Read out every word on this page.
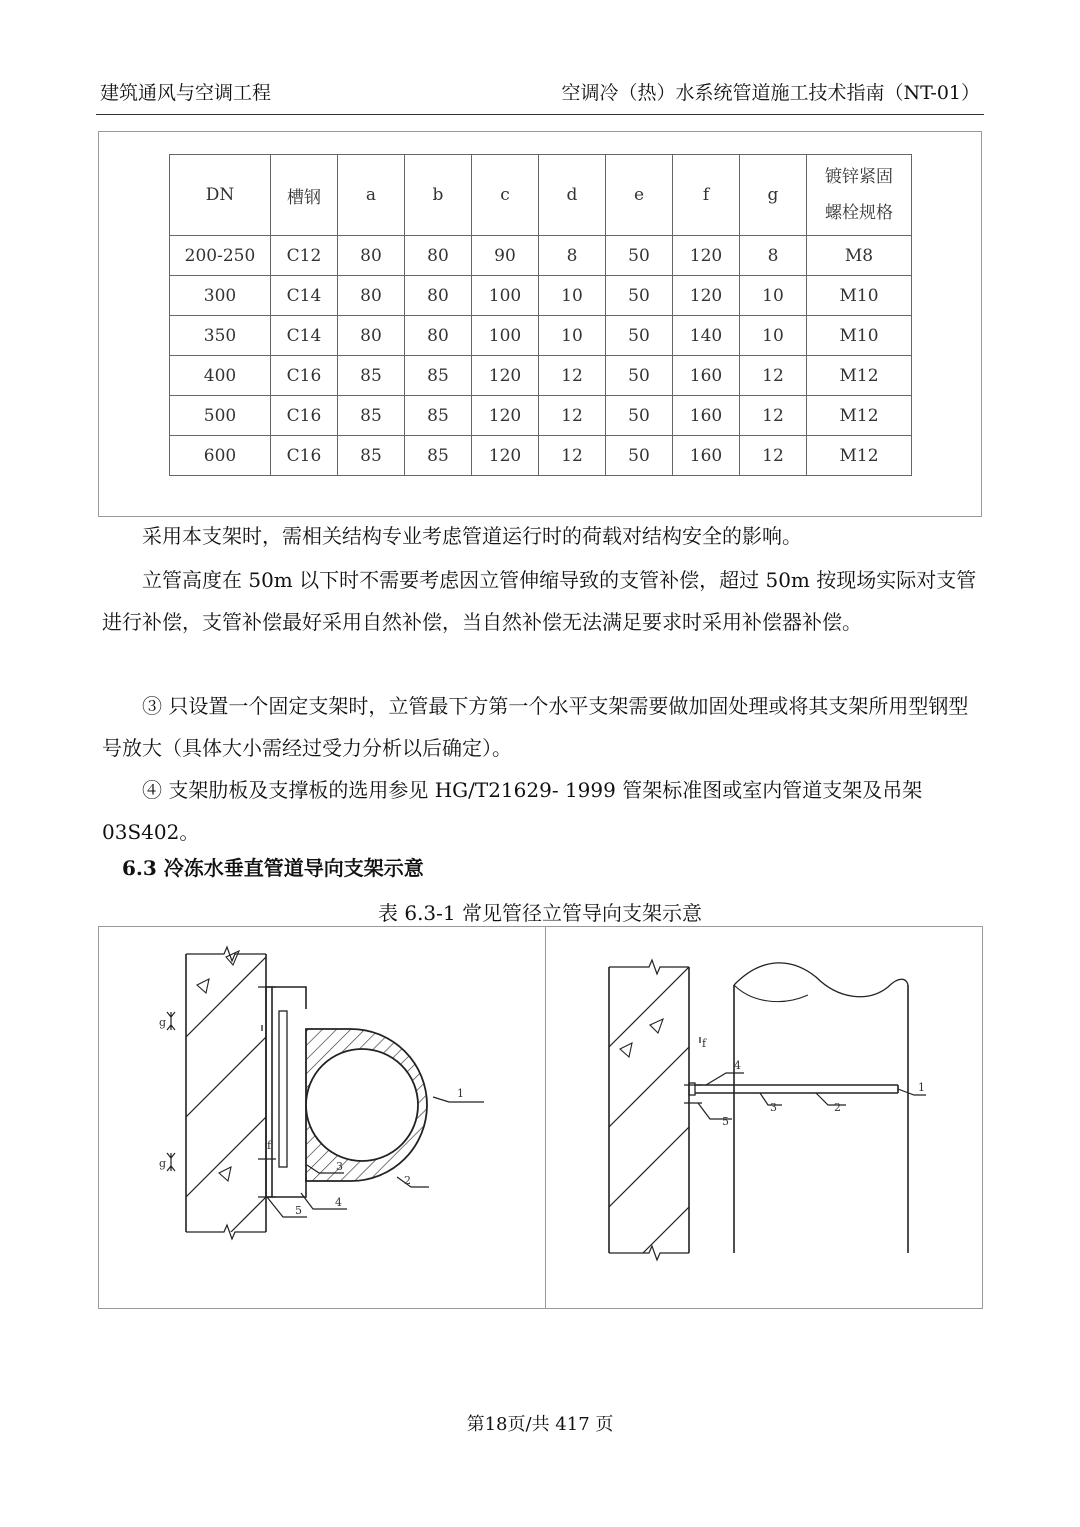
建筑通风与空调工程	空调冷（热）水系统管道施工技术指南（NT-01）
DN	槽钢	a	b	c	d	e	f	g	镀锌紧固
螺栓规格

200-250	C12	80	80	90	8	50	120	8	M8
300	C14	80	80	100	10	50	120	10	M10
350	C14	80	80	100	10	50	140	10	M10
400	C16	85	85	120	12	50	160	12	M12
500	C16	85	85	120	12	50	160	12	M12
600	C16	85	85	120	12	50	160	12	M12
采用本支架时，需相关结构专业考虑管道运行时的荷载对结构安全的影响。
立管高度在 50m 以下时不需要考虑因立管伸缩导致的支管补偿，超过 50m 按现场实际对支管进行补偿，支管补偿最好采用自然补偿，当自然补偿无法满足要求时采用补偿器补偿。
③ 只设置一个固定支架时，立管最下方第一个水平支架需要做加固处理或将其支架所用型钢型号放大（具体大小需经过受力分析以后确定）。
④ 支架肋板及支撑板的选用参见 HG/T21629- 1999 管架标准图或室内管道支架及吊架 03S402。
6.3 冷冻水垂直管道导向支架示意
表 6.3-1 常见管径立管导向支架示意
g
g
f
1
2
3
4
5
f
1
2
3
4
5
第18页/共 417 页
